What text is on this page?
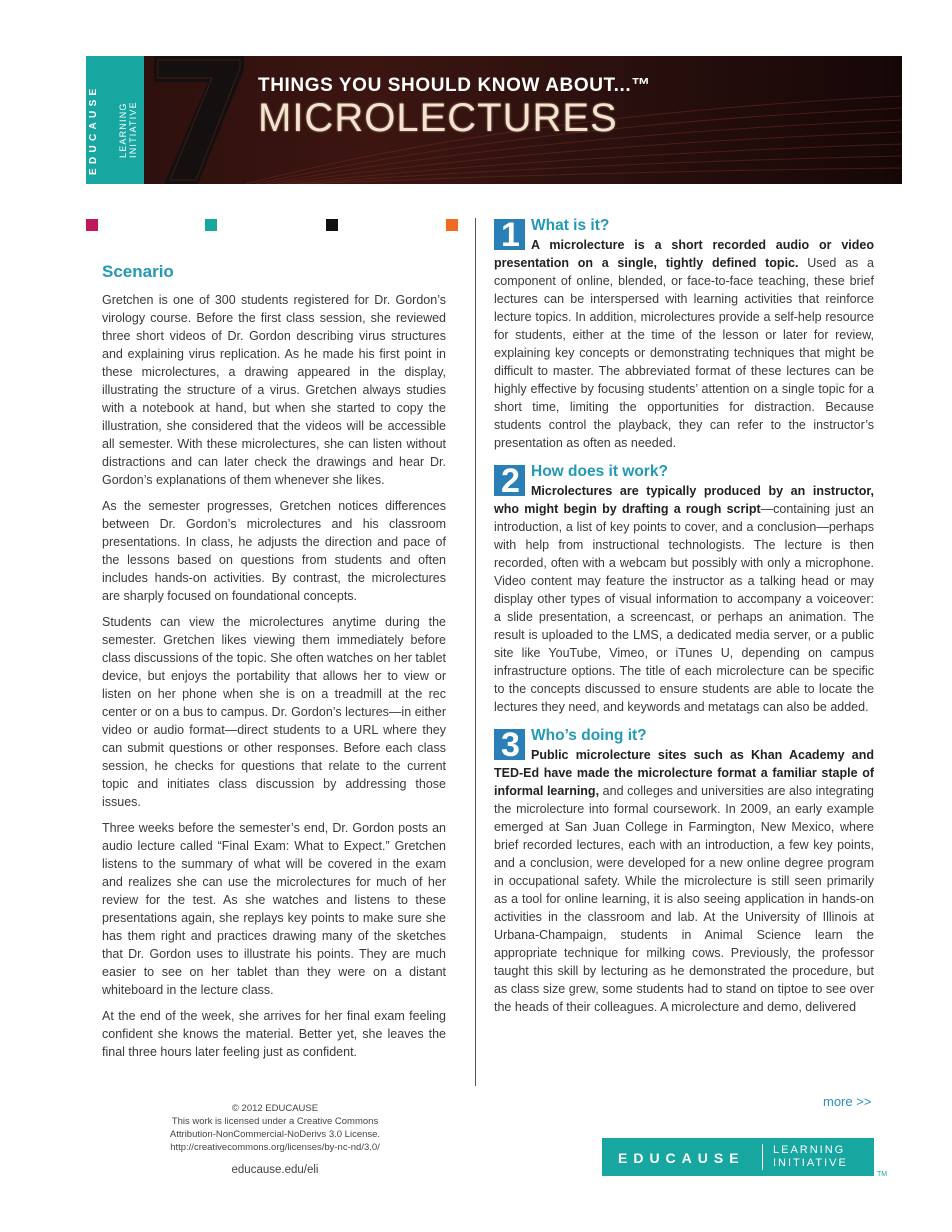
EDUCAUSE LEARNING INITIATIVE
THINGS YOU SHOULD KNOW ABOUT...™
MICROLECTURES
Scenario

Gretchen is one of 300 students registered for Dr. Gordon’s virology course. Before the first class session, she reviewed three short videos of Dr. Gordon describing virus structures and explaining virus replication. As he made his first point in these microlectures, a drawing appeared in the display, illustrating the structure of a virus. Gretchen always studies with a notebook at hand, but when she started to copy the illustration, she considered that the videos will be accessible all semester. With these microlectures, she can listen without distractions and can later check the drawings and hear Dr. Gordon’s explanations of them whenever she likes.

As the semester progresses, Gretchen notices differences between Dr. Gordon’s microlectures and his classroom presentations. In class, he adjusts the direction and pace of the lessons based on questions from students and often includes hands-on activities. By contrast, the microlectures are sharply focused on foundational concepts.

Students can view the microlectures anytime during the semester. Gretchen likes viewing them immediately before class discussions of the topic. She often watches on her tablet device, but enjoys the portability that allows her to view or listen on her phone when she is on a treadmill at the rec center or on a bus to campus. Dr. Gordon’s lectures—in either video or audio format—direct students to a URL where they can submit questions or other responses. Before each class session, he checks for questions that relate to the current topic and initiates class discussion by addressing those issues.

Three weeks before the semester’s end, Dr. Gordon posts an audio lecture called “Final Exam: What to Expect.” Gretchen listens to the summary of what will be covered in the exam and realizes she can use the microlectures for much of her review for the test. As she watches and listens to these presentations again, she replays key points to make sure she has them right and practices drawing many of the sketches that Dr. Gordon uses to illustrate his points. They are much easier to see on her tablet than they were on a distant whiteboard in the lecture class.

At the end of the week, she arrives for her final exam feeling confident she knows the material. Better yet, she leaves the final three hours later feeling just as confident.

1 What is it?

A microlecture is a short recorded audio or video presentation on a single, tightly defined topic. Used as a component of online, blended, or face-to-face teaching, these brief lectures can be interspersed with learning activities that reinforce lecture topics. In addition, microlectures provide a self-help resource for students, either at the time of the lesson or later for review, explaining key concepts or demonstrating techniques that might be difficult to master. The abbreviated format of these lectures can be highly effective by focusing students’ attention on a single topic for a short time, limiting the opportunities for distraction. Because students control the playback, they can refer to the instructor’s presentation as often as needed.

2 How does it work?

Microlectures are typically produced by an instructor, who might begin by drafting a rough script—containing just an introduction, a list of key points to cover, and a conclusion—perhaps with help from instructional technologists. The lecture is then recorded, often with a webcam but possibly with only a microphone. Video content may feature the instructor as a talking head or may display other types of visual information to accompany a voiceover: a slide presentation, a screencast, or perhaps an animation. The result is uploaded to the LMS, a dedicated media server, or a public site like YouTube, Vimeo, or iTunes U, depending on campus infrastructure options. The title of each microlecture can be specific to the concepts discussed to ensure students are able to locate the lectures they need, and keywords and metatags can also be added.

3 Who’s doing it?

Public microlecture sites such as Khan Academy and TED-Ed have made the microlecture format a familiar staple of informal learning, and colleges and universities are also integrating the microlecture into formal coursework. In 2009, an early example emerged at San Juan College in Farmington, New Mexico, where brief recorded lectures, each with an introduction, a few key points, and a conclusion, were developed for a new online degree program in occupational safety. While the microlecture is still seen primarily as a tool for online learning, it is also seeing application in hands-on activities in the classroom and lab. At the University of Illinois at Urbana-Champaign, students in Animal Science learn the appropriate technique for milking cows. Previously, the professor taught this skill by lecturing as he demonstrated the procedure, but as class size grew, some students had to stand on tiptoe to see over the heads of their colleagues. A microlecture and demo, delivered

more >>
© 2012 EDUCAUSE
This work is licensed under a Creative Commons
Attribution-NonCommercial-NoDerivs 3.0 License.
http://creativecommons.org/licenses/by-nc-nd/3.0/
educause.edu/eli
EDUCAUSE	LEARNING
INITIATIVE
TM
